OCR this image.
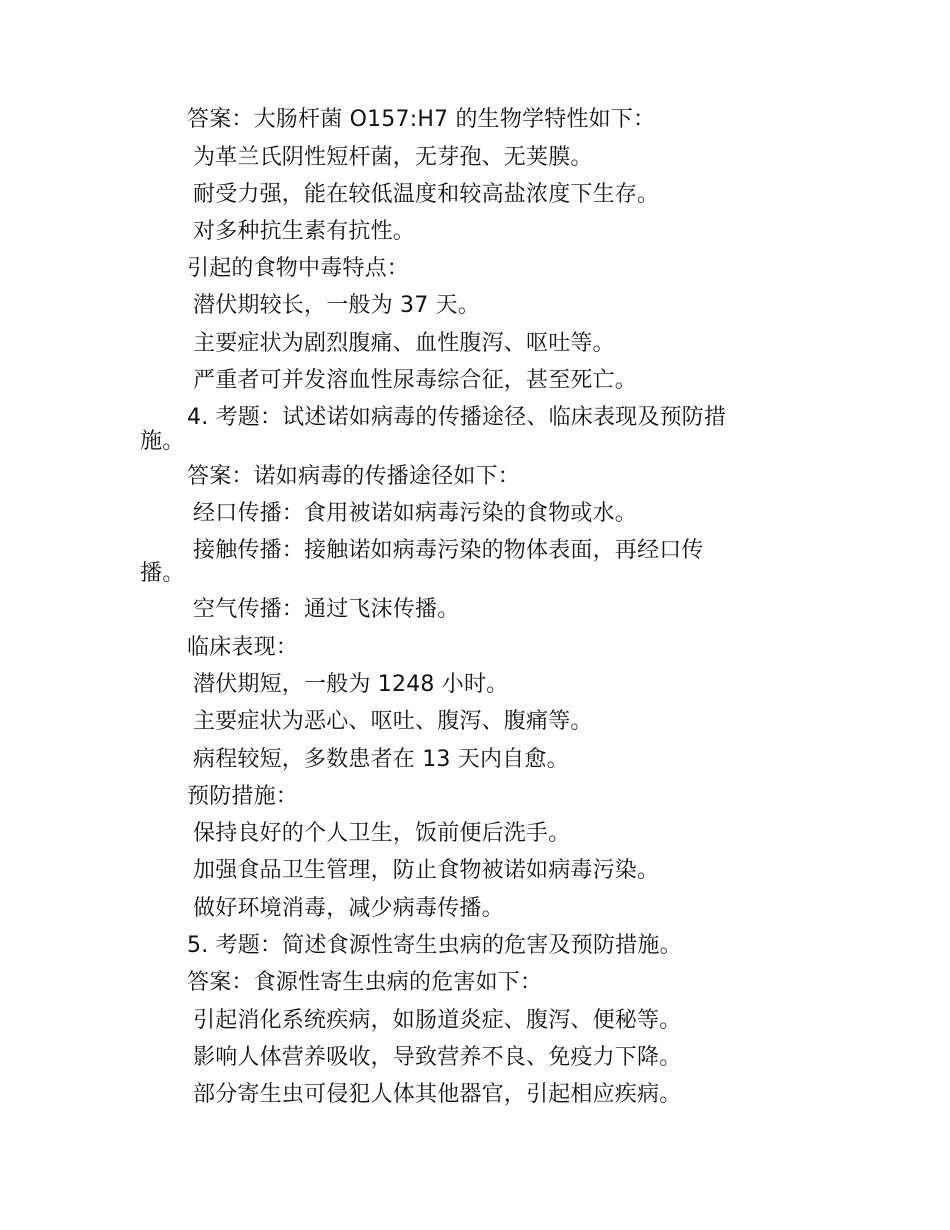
答案：大肠杆菌 O157:H7 的生物学特性如下：
为革兰氏阴性短杆菌，无芽孢、无荚膜。
耐受力强，能在较低温度和较高盐浓度下生存。
对多种抗生素有抗性。
引起的食物中毒特点：
潜伏期较长，一般为 37 天。
主要症状为剧烈腹痛、血性腹泻、呕吐等。
严重者可并发溶血性尿毒综合征，甚至死亡。
4. 考题：试述诺如病毒的传播途径、临床表现及预防措
施。
答案：诺如病毒的传播途径如下：
经口传播：食用被诺如病毒污染的食物或水。
接触传播：接触诺如病毒污染的物体表面，再经口传
播。
空气传播：通过飞沫传播。
临床表现：
潜伏期短，一般为 1248 小时。
主要症状为恶心、呕吐、腹泻、腹痛等。
病程较短，多数患者在 13 天内自愈。
预防措施：
保持良好的个人卫生，饭前便后洗手。
加强食品卫生管理，防止食物被诺如病毒污染。
做好环境消毒，减少病毒传播。
5. 考题：简述食源性寄生虫病的危害及预防措施。
答案：食源性寄生虫病的危害如下：
引起消化系统疾病，如肠道炎症、腹泻、便秘等。
影响人体营养吸收，导致营养不良、免疫力下降。
部分寄生虫可侵犯人体其他器官，引起相应疾病。
